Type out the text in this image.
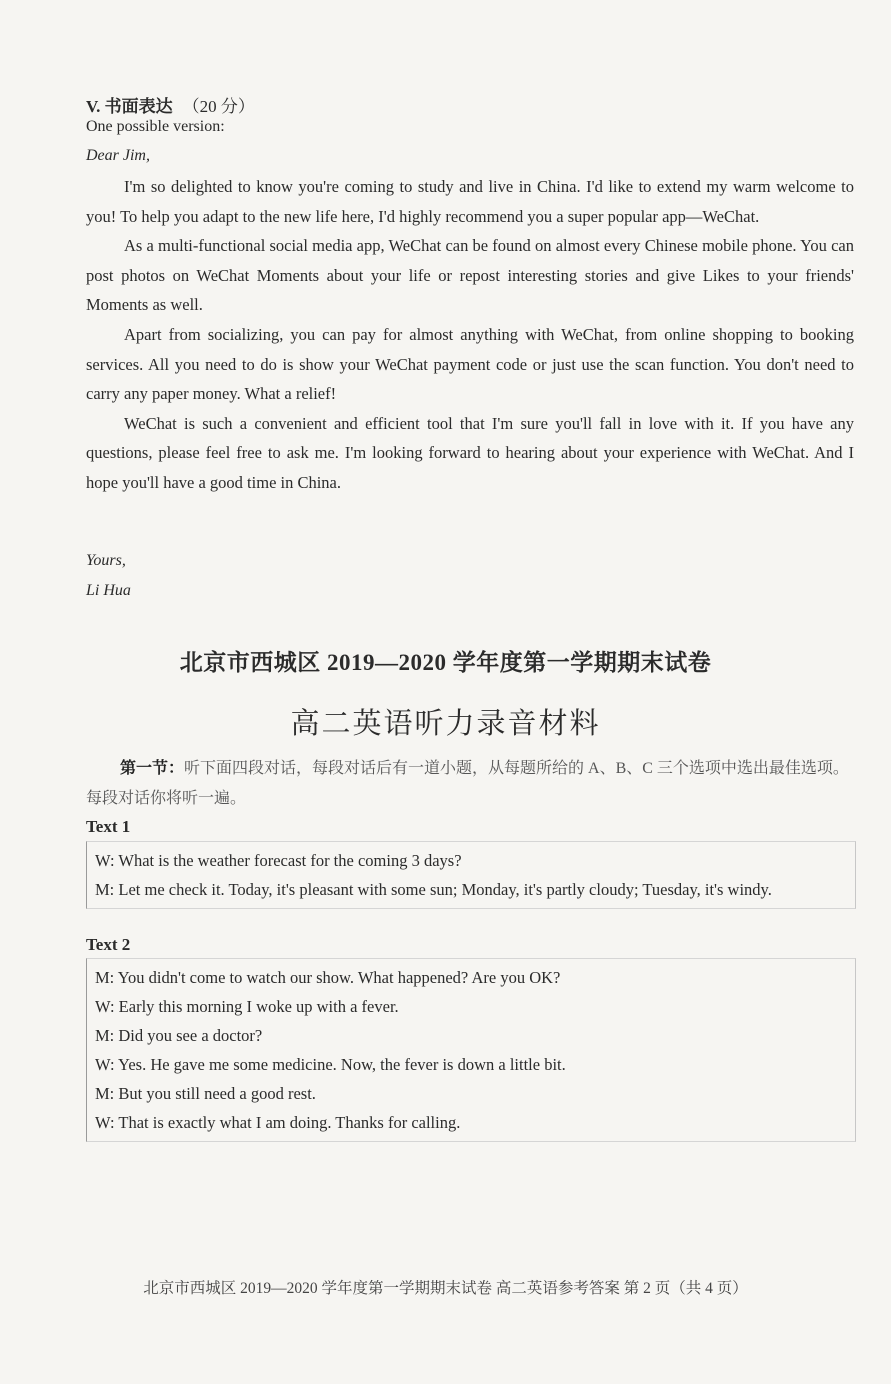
V. 书面表达 （20 分）
One possible version:
Dear Jim,

I'm so delighted to know you're coming to study and live in China. I'd like to extend my warm welcome to you! To help you adapt to the new life here, I'd highly recommend you a super popular app—WeChat.

As a multi-functional social media app, WeChat can be found on almost every Chinese mobile phone. You can post photos on WeChat Moments about your life or repost interesting stories and give Likes to your friends' Moments as well.

Apart from socializing, you can pay for almost anything with WeChat, from online shopping to booking services. All you need to do is show your WeChat payment code or just use the scan function. You don't need to carry any paper money. What a relief!

WeChat is such a convenient and efficient tool that I'm sure you'll fall in love with it. If you have any questions, please feel free to ask me. I'm looking forward to hearing about your experience with WeChat. And I hope you'll have a good time in China.

Yours,
Li Hua
北京市西城区 2019—2020 学年度第一学期期末试卷
高二英语听力录音材料
第一节：听下面四段对话，每段对话后有一道小题，从每题所给的 A、B、C 三个选项中选出最佳选项。每段对话你将听一遍。
Text 1
W: What is the weather forecast for the coming 3 days?
M: Let me check it. Today, it's pleasant with some sun; Monday, it's partly cloudy; Tuesday, it's windy.
Text 2
M: You didn't come to watch our show. What happened? Are you OK?
W: Early this morning I woke up with a fever.
M: Did you see a doctor?
W: Yes. He gave me some medicine. Now, the fever is down a little bit.
M: But you still need a good rest.
W: That is exactly what I am doing. Thanks for calling.
北京市西城区 2019—2020 学年度第一学期期末试卷 高二英语参考答案 第 2 页（共 4 页）
